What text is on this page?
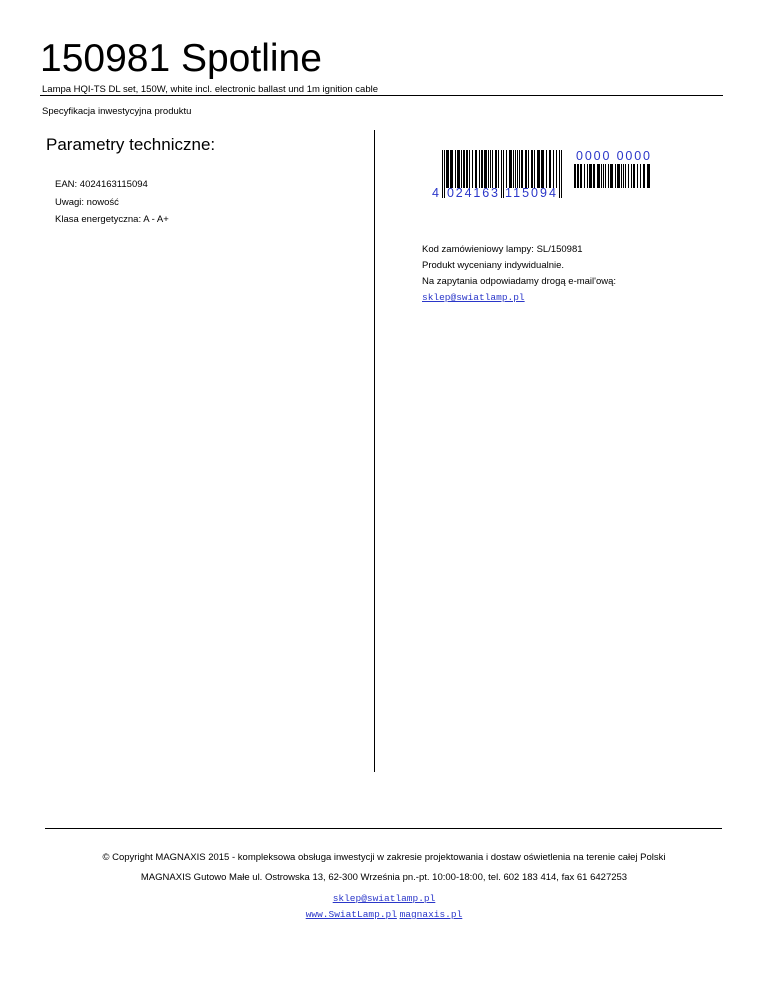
150981 Spotline
Lampa HQI-TS DL set, 150W, white incl. electronic ballast und 1m ignition cable
Specyfikacja inwestycyjna produktu
Parametry techniczne:
EAN: 4024163115094
Uwagi: nowość
Klasa energetyczna: A - A+
4 024163 115094
0000 0000
Kod zamówieniowy lampy: SL/150981
Produkt wyceniany indywidualnie.
Na zapytania odpowiadamy drogą e-mail'ową:
sklep@swiatlamp.pl
© Copyright MAGNAXIS 2015 - kompleksowa obsługa inwestycji w zakresie projektowania i dostaw oświetlenia na terenie całej Polski
MAGNAXIS Gutowo Małe ul. Ostrowska 13, 62-300 Września pn.-pt. 10:00-18:00, tel. 602 183 414, fax 61 6427253
sklep@swiatlamp.pl
www.SwiatLamp.pl magnaxis.pl
